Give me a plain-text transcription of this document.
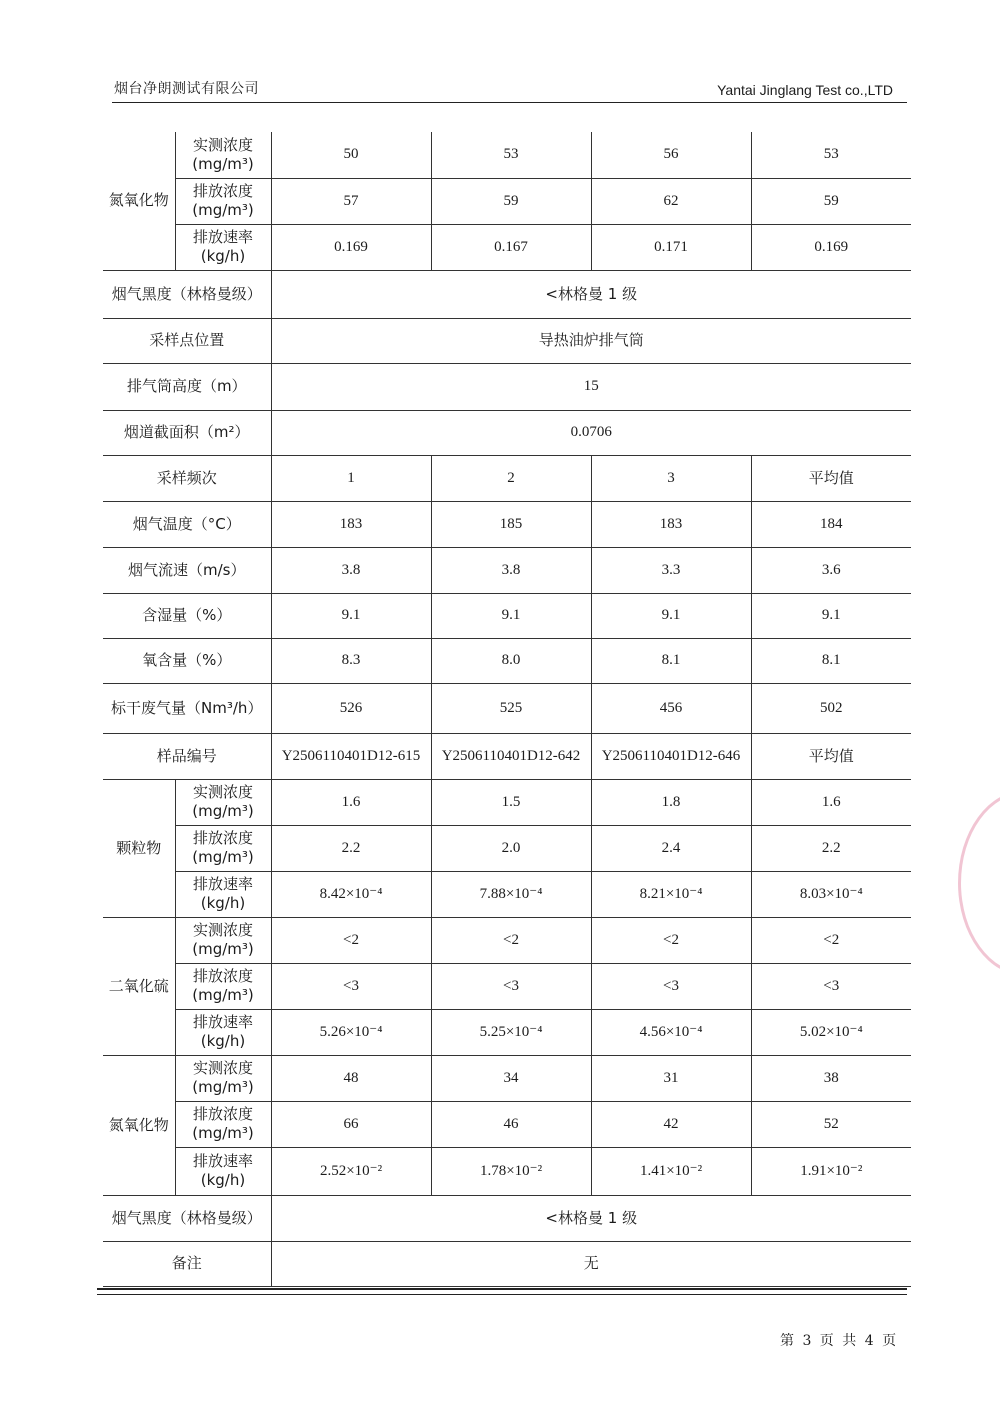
烟台净朗测试有限公司	Yantai Jinglang Test co.,LTD
氮氧化物	实测浓度(mg/m³)	50	53	56	53
	排放浓度(mg/m³)	57	59	62	59
	排放速率(kg/h)	0.169	0.167	0.171	0.169
烟气黑度（林格曼级）		<林格曼 1 级			
采样点位置		导热油炉排气筒			
排气筒高度（m）		15			
烟道截面积（m²）		0.0706			
采样频次		1	2	3	平均值
烟气温度（°C）		183	185	183	184
烟气流速（m/s）		3.8	3.8	3.3	3.6
含湿量（%）		9.1	9.1	9.1	9.1
氧含量（%）		8.3	8.0	8.1	8.1
标干废气量（Nm³/h）		526	525	456	502
样品编号		Y2506110401D12-615	Y2506110401D12-642	Y2506110401D12-646	平均值
颗粒物	实测浓度(mg/m³)	1.6	1.5	1.8	1.6
	排放浓度(mg/m³)	2.2	2.0	2.4	2.2
	排放速率(kg/h)	8.42×10⁻⁴	7.88×10⁻⁴	8.21×10⁻⁴	8.03×10⁻⁴
二氧化硫	实测浓度(mg/m³)	<2	<2	<2	<2
	排放浓度(mg/m³)	<3	<3	<3	<3
	排放速率(kg/h)	5.26×10⁻⁴	5.25×10⁻⁴	4.56×10⁻⁴	5.02×10⁻⁴
氮氧化物	实测浓度(mg/m³)	48	34	31	38
	排放浓度(mg/m³)	66	46	42	52
	排放速率(kg/h)	2.52×10⁻²	1.78×10⁻²	1.41×10⁻²	1.91×10⁻²
烟气黑度（林格曼级）		<林格曼 1 级			
备注		无			
第 3 页 共 4 页
